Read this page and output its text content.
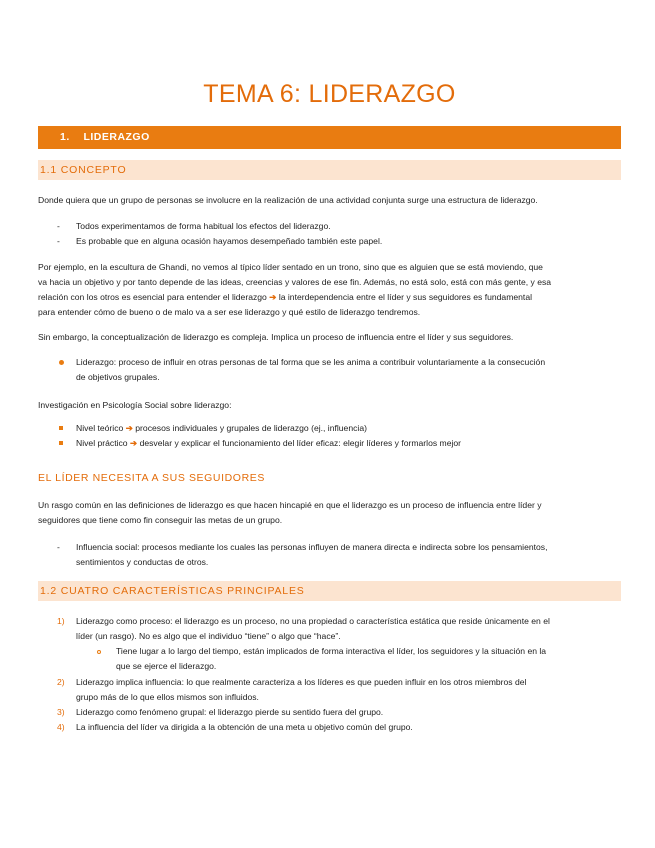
TEMA 6: LIDERAZGO
1. LIDERAZGO
1.1 CONCEPTO

Donde quiera que un grupo de personas se involucre en la realización de una actividad conjunta surge una estructura de liderazgo.

- Todos experimentamos de forma habitual los efectos del liderazgo.
- Es probable que en alguna ocasión hayamos desempeñado también este papel.

Por ejemplo, en la escultura de Ghandi, no vemos al típico líder sentado en un trono, sino que es alguien que se está moviendo, que

va hacia un objetivo y por tanto depende de las ideas, creencias y valores de ese fin. Además, no está solo, está con más gente, y esa

relación con los otros es esencial para entender el liderazgo ➔ la interdependencia entre el líder y sus seguidores es fundamental

para entender cómo de bueno o de malo va a ser ese liderazgo y qué estilo de liderazgo tendremos.

Sin embargo, la conceptualización de liderazgo es compleja. Implica un proceso de influencia entre el líder y sus seguidores.

Liderazgo: proceso de influir en otras personas de tal forma que se les anima a contribuir voluntariamente a la consecución
de objetivos grupales.

Investigación en Psicología Social sobre liderazgo:

Nivel teórico ➔ procesos individuales y grupales de liderazgo (ej., influencia)
Nivel práctico ➔ desvelar y explicar el funcionamiento del líder eficaz: elegir líderes y formarlos mejor
EL LÍDER NECESITA A SUS SEGUIDORES

Un rasgo común en las definiciones de liderazgo es que hacen hincapié en que el liderazgo es un proceso de influencia entre líder y

seguidores que tiene como fin conseguir las metas de un grupo.

- Influencia social: procesos mediante los cuales las personas influyen de manera directa e indirecta sobre los pensamientos,
sentimientos y conductas de otros.
1.2 CUATRO CARACTERÍSTICAS PRINCIPALES
1) Liderazgo como proceso: el liderazgo es un proceso, no una propiedad o característica estática que reside únicamente en el
líder (un rasgo). No es algo que el individuo “tiene” o algo que “hace”.
Tiene lugar a lo largo del tiempo, están implicados de forma interactiva el líder, los seguidores y la situación en la
que se ejerce el liderazgo.
2) Liderazgo implica influencia: lo que realmente caracteriza a los líderes es que pueden influir en los otros miembros del
grupo más de lo que ellos mismos son influidos.
3) Liderazgo como fenómeno grupal: el liderazgo pierde su sentido fuera del grupo.
4) La influencia del líder va dirigida a la obtención de una meta u objetivo común del grupo.
